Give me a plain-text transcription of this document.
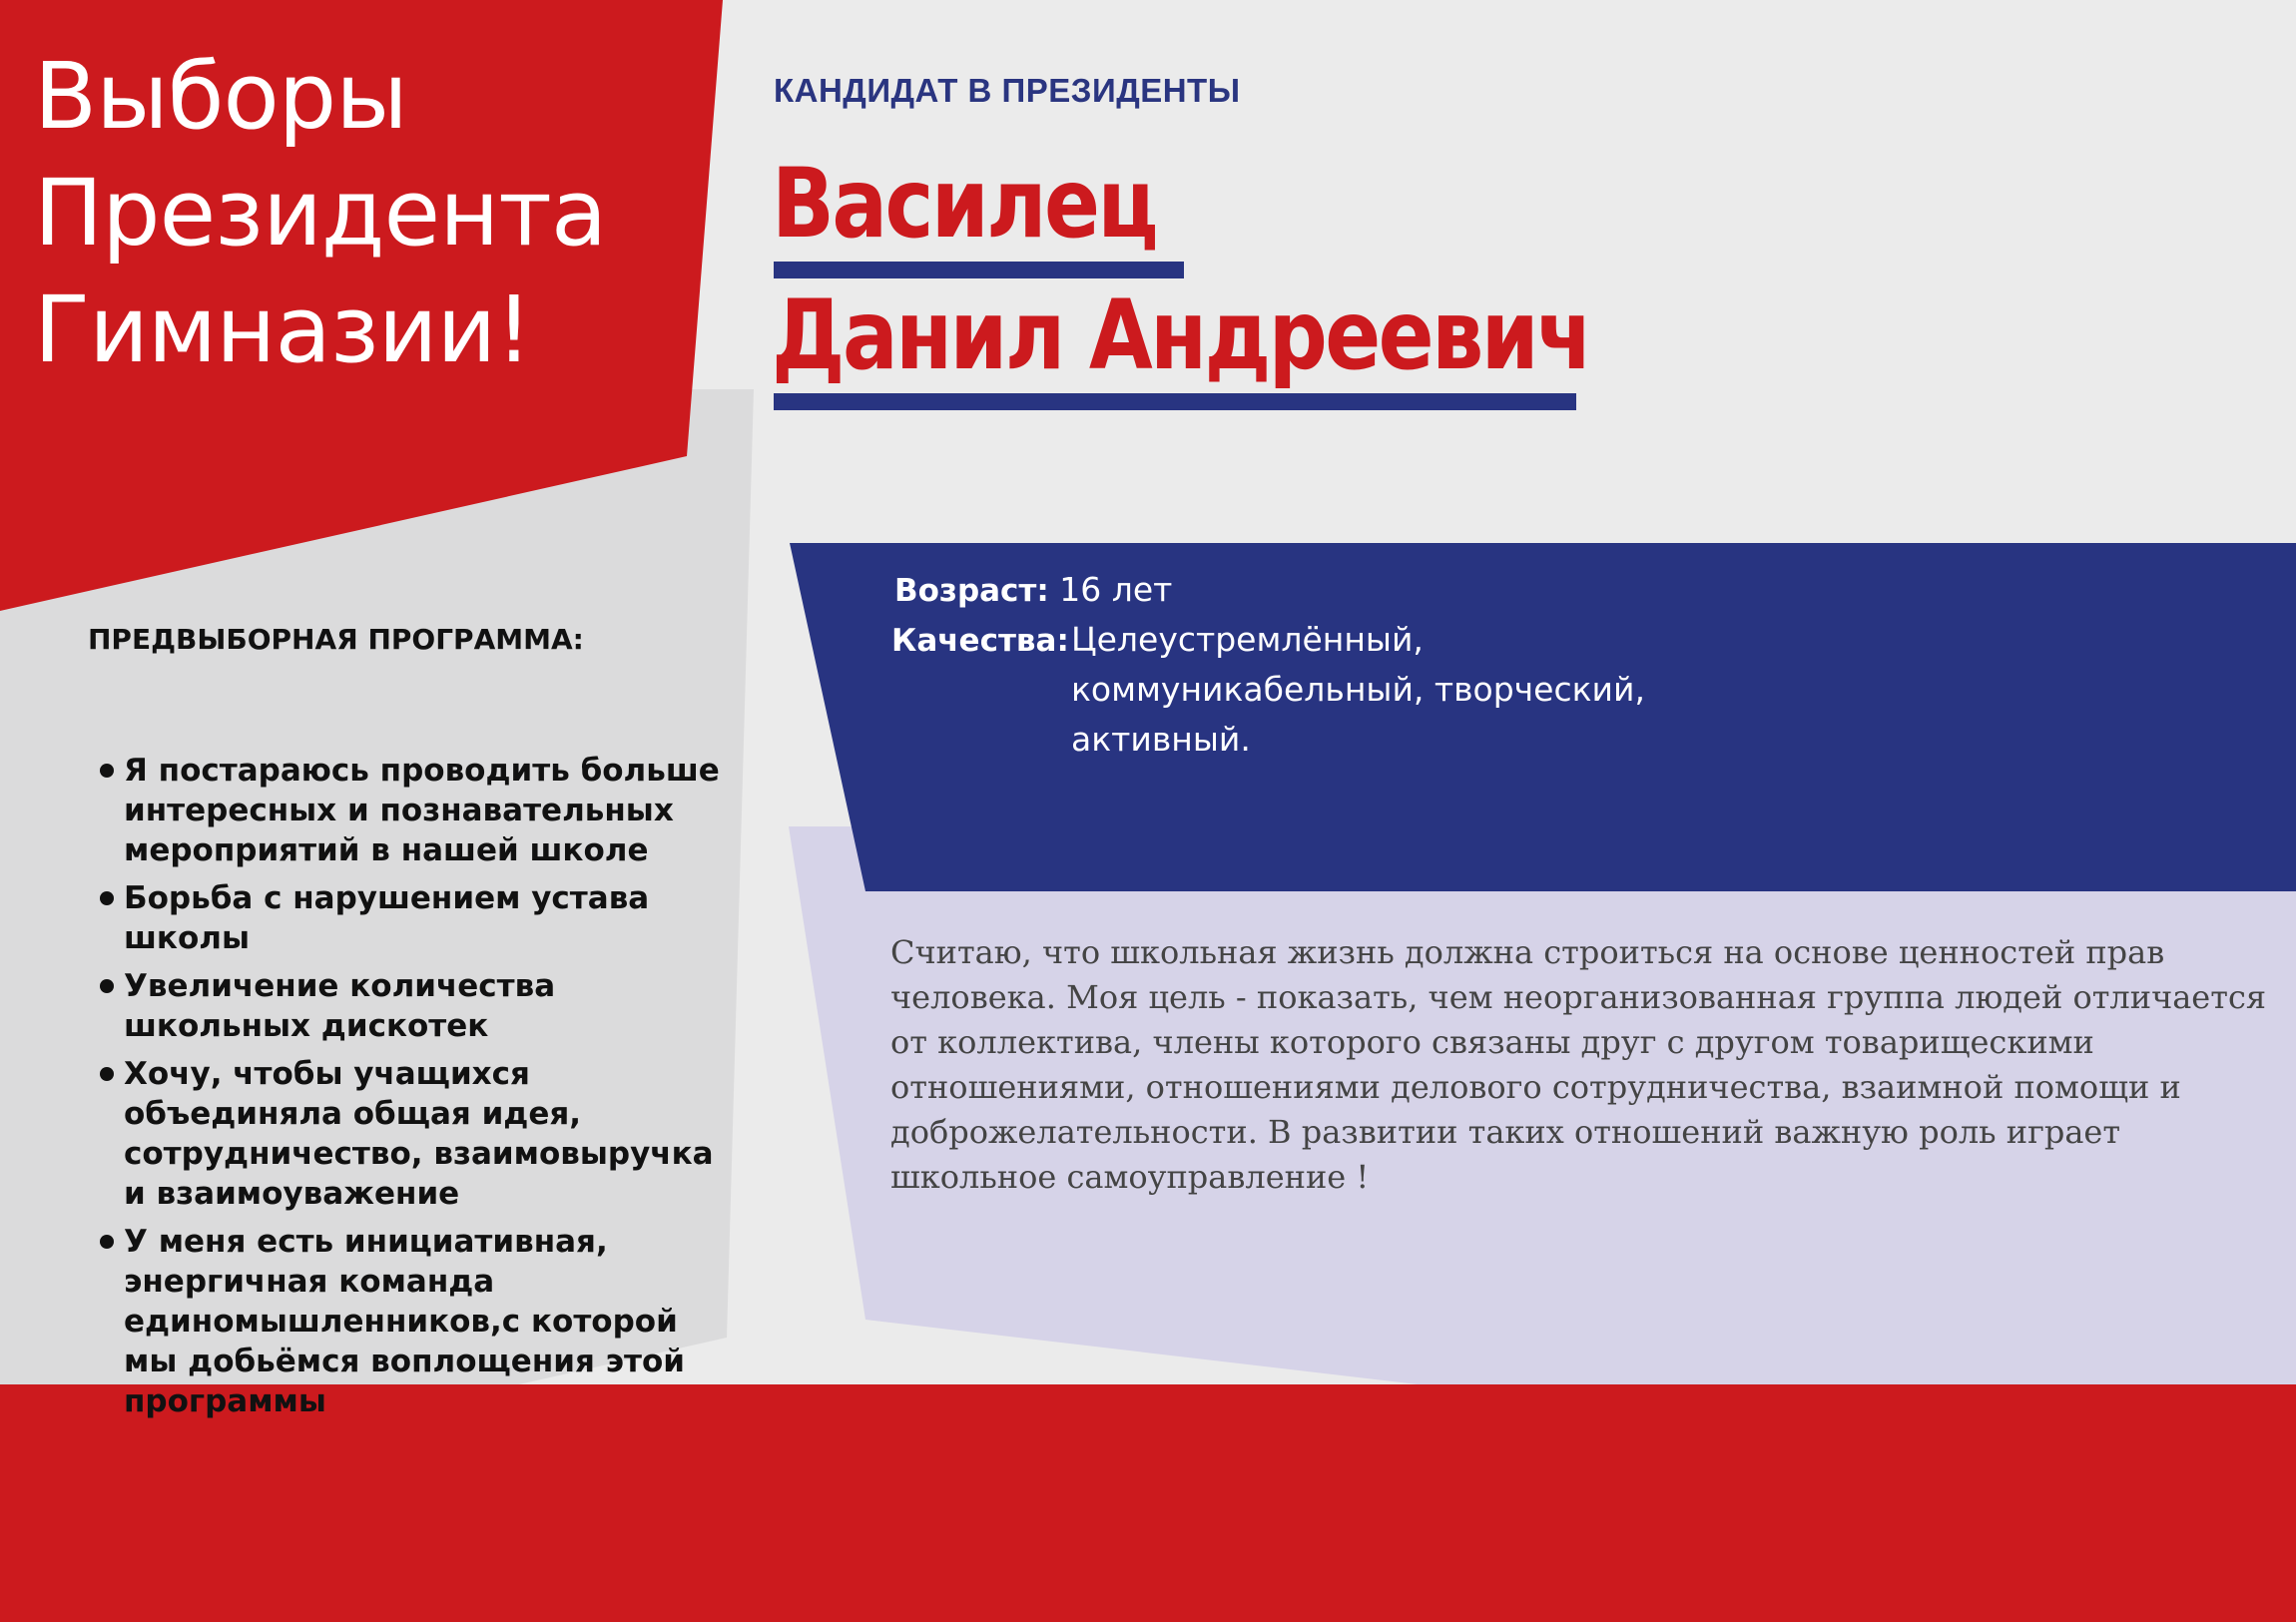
Выборы
Президента
Гимназии!
КАНДИДАТ В ПРЕЗИДЕНТЫ
Василец
Данил Андреевич
ПРЕДВЫБОРНАЯ ПРОГРАММА:
Я постараюсь проводить больше интересных и познавательных мероприятий в нашей школе
Борьба с нарушением устава школы
Увеличение количества школьных дискотек
Хочу, чтобы учащихся объединяла общая идея, сотрудничество, взаимовыручка и взаимоуважение
У меня есть инициативная, энергичная команда единомышленников,с которой мы добьёмся воплощения этой программы
Возраст: 16 лет
Качества: Целеустремлённый, коммуникабельный, творческий, активный.
Считаю, что школьная жизнь должна строиться на основе ценностей прав человека. Моя цель - показать, чем неорганизованная группа людей отличается от коллектива, члены которого связаны друг с другом товарищескими отношениями, отношениями делового сотрудничества, взаимной помощи и доброжелательности. В развитии таких отношений важную роль играет школьное самоуправление !
